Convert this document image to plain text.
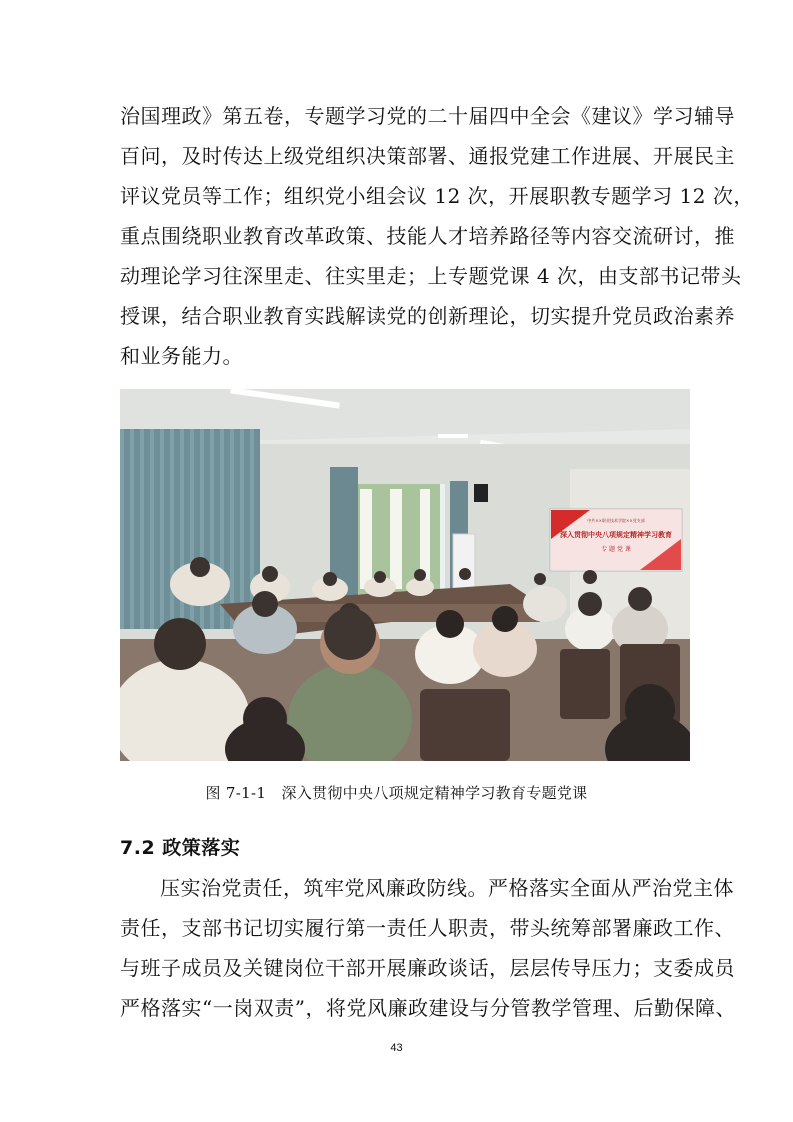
治国理政》第五卷，专题学习党的二十届四中全会《建议》学习辅导
百问，及时传达上级党组织决策部署、通报党建工作进展、开展民主
评议党员等工作；组织党小组会议 12 次，开展职教专题学习 12 次，
重点围绕职业教育改革政策、技能人才培养路径等内容交流研讨，推
动理论学习往深里走、往实里走；上专题党课 4 次，由支部书记带头
授课，结合职业教育实践解读党的创新理论，切实提升党员政治素养
和业务能力。
中共××职业技术学院××党支部
深入贯彻中央八项规定精神学习教育
专 题 党 课
图 7-1-1　深入贯彻中央八项规定精神学习教育专题党课
7.2 政策落实
压实治党责任，筑牢党风廉政防线。严格落实全面从严治党主体
责任，支部书记切实履行第一责任人职责，带头统筹部署廉政工作、
与班子成员及关键岗位干部开展廉政谈话，层层传导压力；支委成员
严格落实“一岗双责”，将党风廉政建设与分管教学管理、后勤保障、
43
